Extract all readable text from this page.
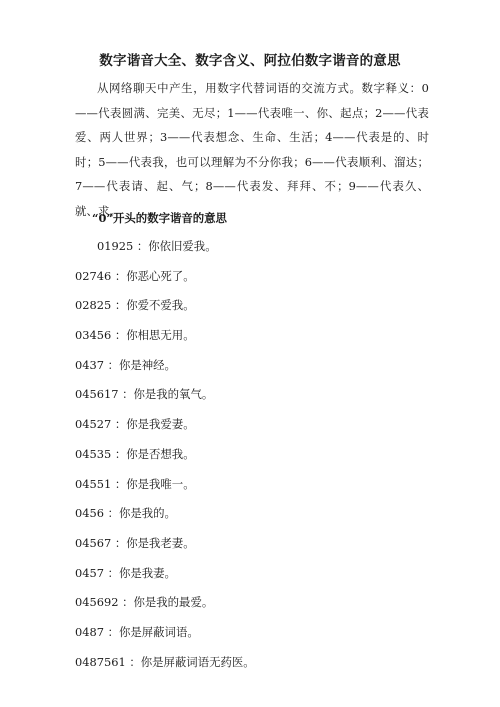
数字谐音大全、数字含义、阿拉伯数字谐音的意思
从网络聊天中产生，用数字代替词语的交流方式。数字释义：0——代表圆满、完美、无尽；1——代表唯一、你、起点；2——代表爱、两人世界；3——代表想念、生命、生活；4——代表是的、时时；5——代表我，也可以理解为不分你我；6——代表顺利、溜达；7——代表请、起、气；8——代表发、拜拜、不；9——代表久、就、求。
“0”开头的数字谐音的意思
01925 ：你依旧爱我。
02746 ：你恶心死了。
02825 ：你爱不爱我。
03456 ：你相思无用。
0437 ：你是神经。
045617 ：你是我的氧气。
04527 ：你是我爱妻。
04535 ：你是否想我。
04551 ：你是我唯一。
0456 ：你是我的。
04567 ：你是我老妻。
0457 ：你是我妻。
045692 ：你是我的最爱。
0487 ：你是屏蔽词语。
0487561 ：你是屏蔽词语无药医。
